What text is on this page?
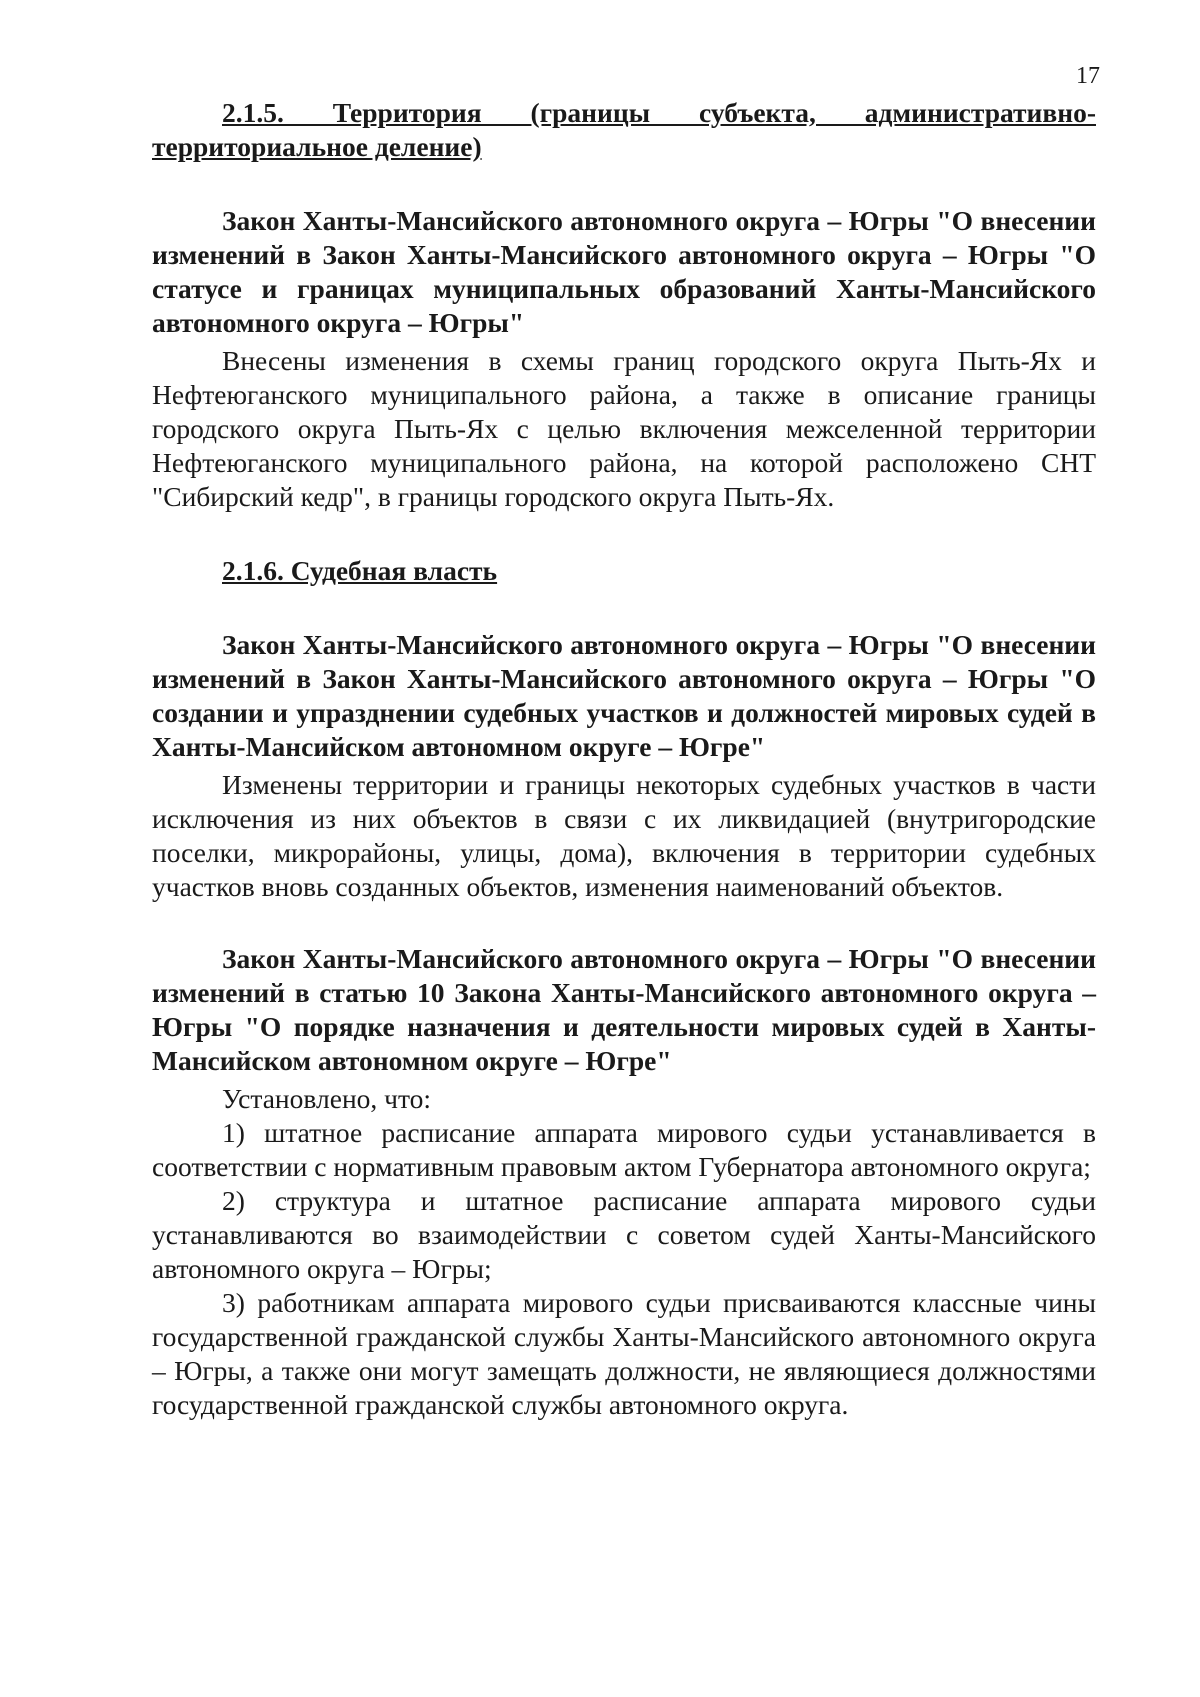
17

2.1.5. Территория (границы субъекта, административно-территориальное деление)

Закон Ханты-Мансийского автономного округа – Югры "О внесении изменений в Закон Ханты-Мансийского автономного округа – Югры "О статусе и границах муниципальных образований Ханты-Мансийского автономного округа – Югры"

Внесены изменения в схемы границ городского округа Пыть-Ях и Нефтеюганского муниципального района, а также в описание границы городского округа Пыть-Ях с целью включения межселенной территории Нефтеюганского муниципального района, на которой расположено СНТ "Сибирский кедр", в границы городского округа Пыть-Ях.

2.1.6. Судебная власть

Закон Ханты-Мансийского автономного округа – Югры "О внесении изменений в Закон Ханты-Мансийского автономного округа – Югры "О создании и упразднении судебных участков и должностей мировых судей в Ханты-Мансийском автономном округе – Югре"

Изменены территории и границы некоторых судебных участков в части исключения из них объектов в связи с их ликвидацией (внутригородские поселки, микрорайоны, улицы, дома), включения в территории судебных участков вновь созданных объектов, изменения наименований объектов.

Закон Ханты-Мансийского автономного округа – Югры "О внесении изменений в статью 10 Закона Ханты-Мансийского автономного округа – Югры "О порядке назначения и деятельности мировых судей в Ханты-Мансийском автономном округе – Югре"

Установлено, что:

1) штатное расписание аппарата мирового судьи устанавливается в соответствии с нормативным правовым актом Губернатора автономного округа;

2) структура и штатное расписание аппарата мирового судьи устанавливаются во взаимодействии с советом судей Ханты-Мансийского автономного округа – Югры;

3) работникам аппарата мирового судьи присваиваются классные чины государственной гражданской службы Ханты-Мансийского автономного округа – Югры, а также они могут замещать должности, не являющиеся должностями государственной гражданской службы автономного округа.
